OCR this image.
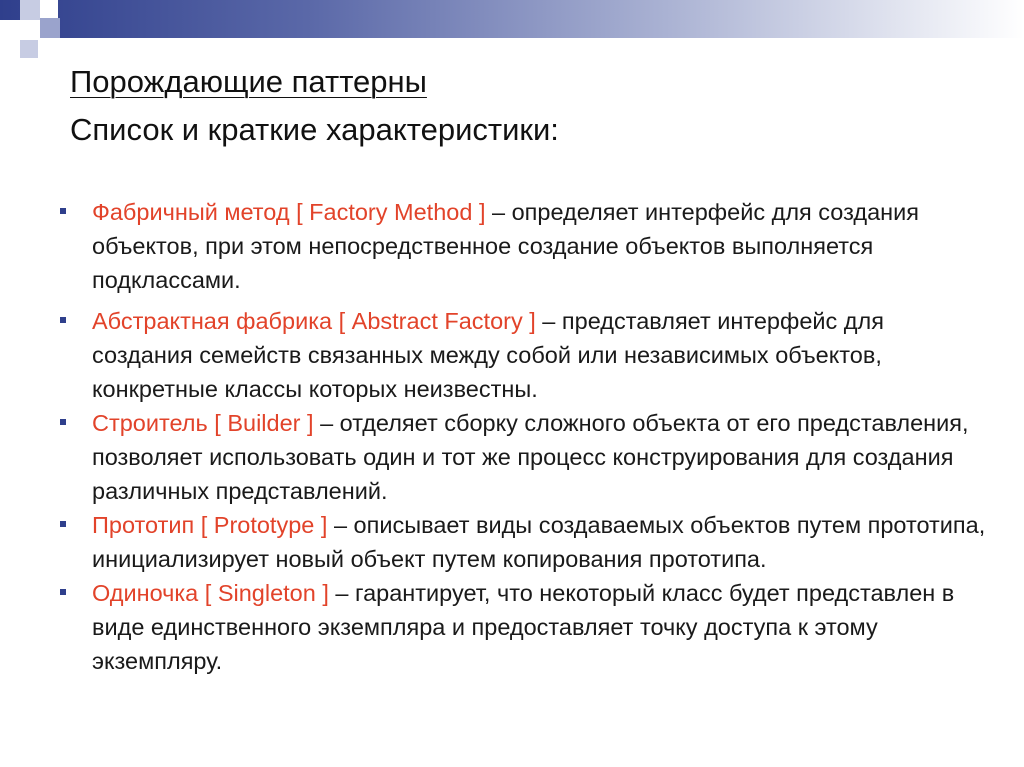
Порождающие паттерны

Список и краткие характеристики:

Фабричный метод [ Factory Method ] – определяет интерфейс для создания объектов, при этом непосредственное создание объектов выполняется подклассами.
Абстрактная фабрика [ Abstract Factory ] – представляет интерфейс для создания семейств связанных между собой или независимых объектов, конкретные классы которых неизвестны.
Строитель [ Builder ] – отделяет сборку сложного объекта от его представления, позволяет использовать один и тот же процесс конструирования для создания различных представлений.
Прототип [ Prototype ] – описывает виды создаваемых объектов путем прототипа, инициализирует новый объект путем копирования прототипа.
Одиночка [ Singleton ] – гарантирует, что некоторый класс будет представлен в виде единственного экземпляра и предоставляет точку доступа к этому экземпляру.
